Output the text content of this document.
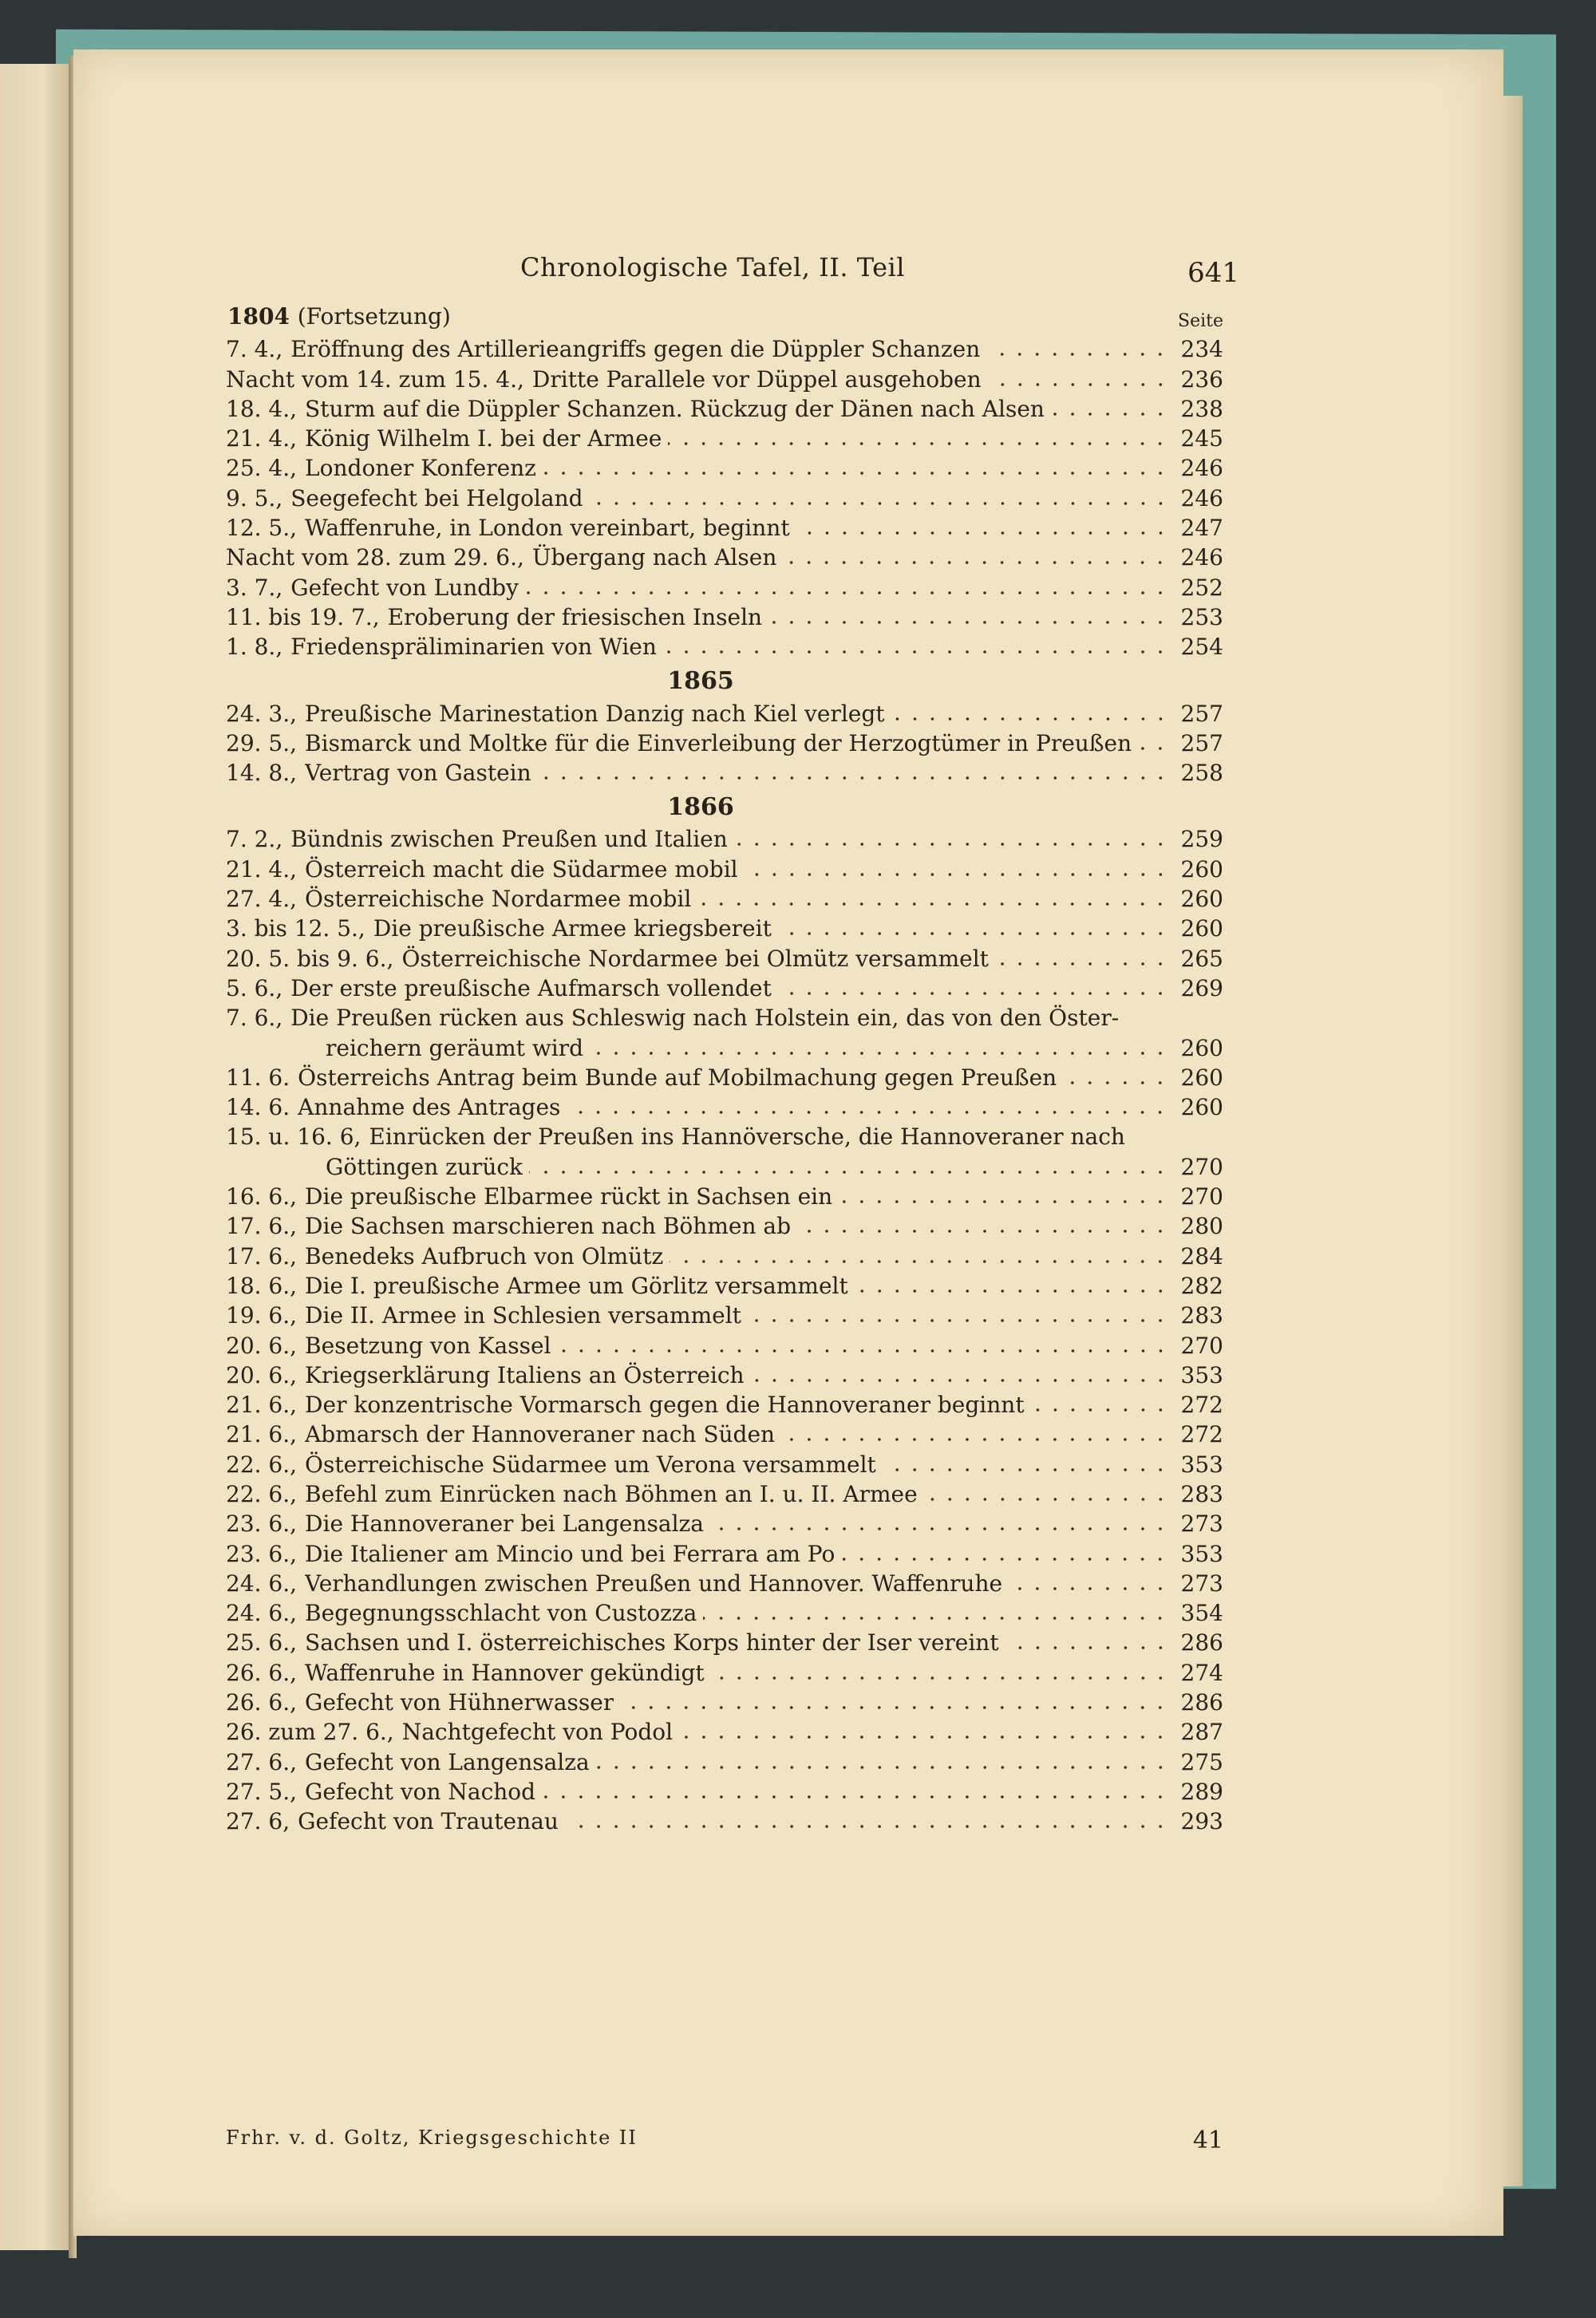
Chronologische Tafel, II. Teil	641
1804 (Fortsetzung)	Seite
7. 4., Eröffnung des Artillerieangriffs gegen die Düppler Schanzen	234
Nacht vom 14. zum 15. 4., Dritte Parallele vor Düppel ausgehoben	236
18. 4., Sturm auf die Düppler Schanzen. Rückzug der Dänen nach Alsen	238
21. 4., König Wilhelm I. bei der Armee	245
25. 4., Londoner Konferenz	246
9. 5., Seegefecht bei Helgoland	246
12. 5., Waffenruhe, in London vereinbart, beginnt	247
Nacht vom 28. zum 29. 6., Übergang nach Alsen	246
3. 7., Gefecht von Lundby	252
11. bis 19. 7., Eroberung der friesischen Inseln	253
1. 8., Friedenspräliminarien von Wien	254
1865
24. 3., Preußische Marinestation Danzig nach Kiel verlegt	257
29. 5., Bismarck und Moltke für die Einverleibung der Herzogtümer in Preußen 257
14. 8., Vertrag von Gastein	258
1866
7. 2., Bündnis zwischen Preußen und Italien	259
21. 4., Österreich macht die Südarmee mobil	260
27. 4., Österreichische Nordarmee mobil	260
3. bis 12. 5., Die preußische Armee kriegsbereit	260
20. 5. bis 9. 6., Österreichische Nordarmee bei Olmütz versammelt	265
5. 6., Der erste preußische Aufmarsch vollendet	269
7. 6., Die Preußen rücken aus Schleswig nach Holstein ein, das von den Öster-
reichern geräumt wird	260
11. 6. Österreichs Antrag beim Bunde auf Mobilmachung gegen Preußen	260
14. 6. Annahme des Antrages	260
15. u. 16. 6, Einrücken der Preußen ins Hannöversche, die Hannoveraner nach
Göttingen zurück	270
16. 6., Die preußische Elbarmee rückt in Sachsen ein	270
17. 6., Die Sachsen marschieren nach Böhmen ab	280
17. 6., Benedeks Aufbruch von Olmütz	284
18. 6., Die I. preußische Armee um Görlitz versammelt	282
19. 6., Die II. Armee in Schlesien versammelt	283
20. 6., Besetzung von Kassel	270
20. 6., Kriegserklärung Italiens an Österreich	353
21. 6., Der konzentrische Vormarsch gegen die Hannoveraner beginnt	272
21. 6., Abmarsch der Hannoveraner nach Süden	272
22. 6., Österreichische Südarmee um Verona versammelt	353
22. 6., Befehl zum Einrücken nach Böhmen an I. u. II. Armee	283
23. 6., Die Hannoveraner bei Langensalza	273
23. 6., Die Italiener am Mincio und bei Ferrara am Po	353
24. 6., Verhandlungen zwischen Preußen und Hannover. Waffenruhe	273
24. 6., Begegnungsschlacht von Custozza	354
25. 6., Sachsen und I. österreichisches Korps hinter der Iser vereint	286
26. 6., Waffenruhe in Hannover gekündigt	274
26. 6., Gefecht von Hühnerwasser	286
26. zum 27. 6., Nachtgefecht von Podol	287
27. 6., Gefecht von Langensalza	275
27. 5., Gefecht von Nachod	289
27. 6, Gefecht von Trautenau	293
Frhr. v. d. Goltz, Kriegsgeschichte II	41
